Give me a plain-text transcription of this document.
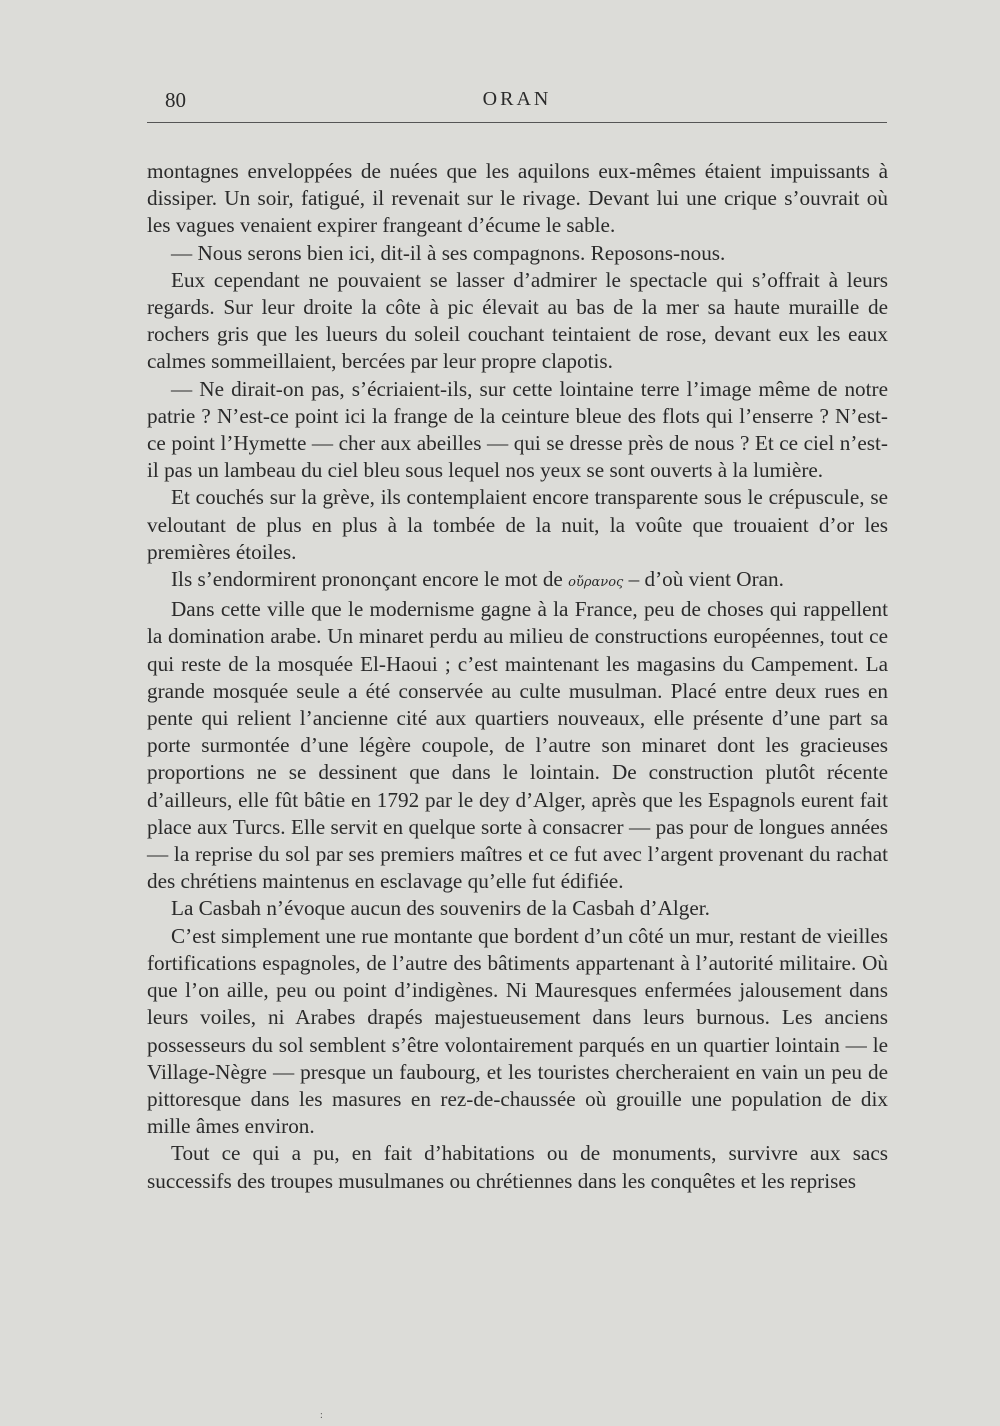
80	ORAN

montagnes enveloppées de nuées que les aquilons eux-mêmes étaient impuissants à dissiper. Un soir, fatigué, il revenait sur le rivage. Devant lui une crique s’ouvrait où les vagues venaient expirer frangeant d’écume le sable.

— Nous serons bien ici, dit-il à ses compagnons. Reposons-nous.

Eux cependant ne pouvaient se lasser d’admirer le spectacle qui s’offrait à leurs regards. Sur leur droite la côte à pic élevait au bas de la mer sa haute muraille de rochers gris que les lueurs du soleil couchant teintaient de rose, devant eux les eaux calmes sommeillaient, bercées par leur propre clapotis.

— Ne dirait-on pas, s’écriaient-ils, sur cette lointaine terre l’image même de notre patrie ? N’est-ce point ici la frange de la ceinture bleue des flots qui l’enserre ? N’est-ce point l’Hymette — cher aux abeilles — qui se dresse près de nous ? Et ce ciel n’est-il pas un lambeau du ciel bleu sous lequel nos yeux se sont ouverts à la lumière.

Et couchés sur la grève, ils contemplaient encore transparente sous le crépuscule, se veloutant de plus en plus à la tombée de la nuit, la voûte que trouaient d’or les premières étoiles.

Ils s’endormirent prononçant encore le mot de οὔρανος – d’où vient Oran.

Dans cette ville que le modernisme gagne à la France, peu de choses qui rappellent la domination arabe. Un minaret perdu au milieu de constructions européennes, tout ce qui reste de la mosquée El-Haoui ; c’est maintenant les magasins du Campement. La grande mosquée seule a été conservée au culte musulman. Placé entre deux rues en pente qui relient l’ancienne cité aux quartiers nouveaux, elle présente d’une part sa porte surmontée d’une légère coupole, de l’autre son minaret dont les gracieuses proportions ne se dessinent que dans le lointain. De construction plutôt récente d’ailleurs, elle fût bâtie en 1792 par le dey d’Alger, après que les Espagnols eurent fait place aux Turcs. Elle servit en quelque sorte à consacrer — pas pour de longues années — la reprise du sol par ses premiers maîtres et ce fut avec l’argent provenant du rachat des chrétiens maintenus en esclavage qu’elle fut édifiée.

La Casbah n’évoque aucun des souvenirs de la Casbah d’Alger.

C’est simplement une rue montante que bordent d’un côté un mur, restant de vieilles fortifications espagnoles, de l’autre des bâtiments appartenant à l’autorité militaire. Où que l’on aille, peu ou point d’indigènes. Ni Mauresques enfermées jalousement dans leurs voiles, ni Arabes drapés majestueusement dans leurs burnous. Les anciens possesseurs du sol semblent s’être volontairement parqués en un quartier lointain — le Village-Nègre — presque un faubourg, et les touristes chercheraient en vain un peu de pittoresque dans les masures en rez-de-chaussée où grouille une population de dix mille âmes environ.

Tout ce qui a pu, en fait d’habitations ou de monuments, survivre aux sacs successifs des troupes musulmanes ou chrétiennes dans les conquêtes et les reprises

:
